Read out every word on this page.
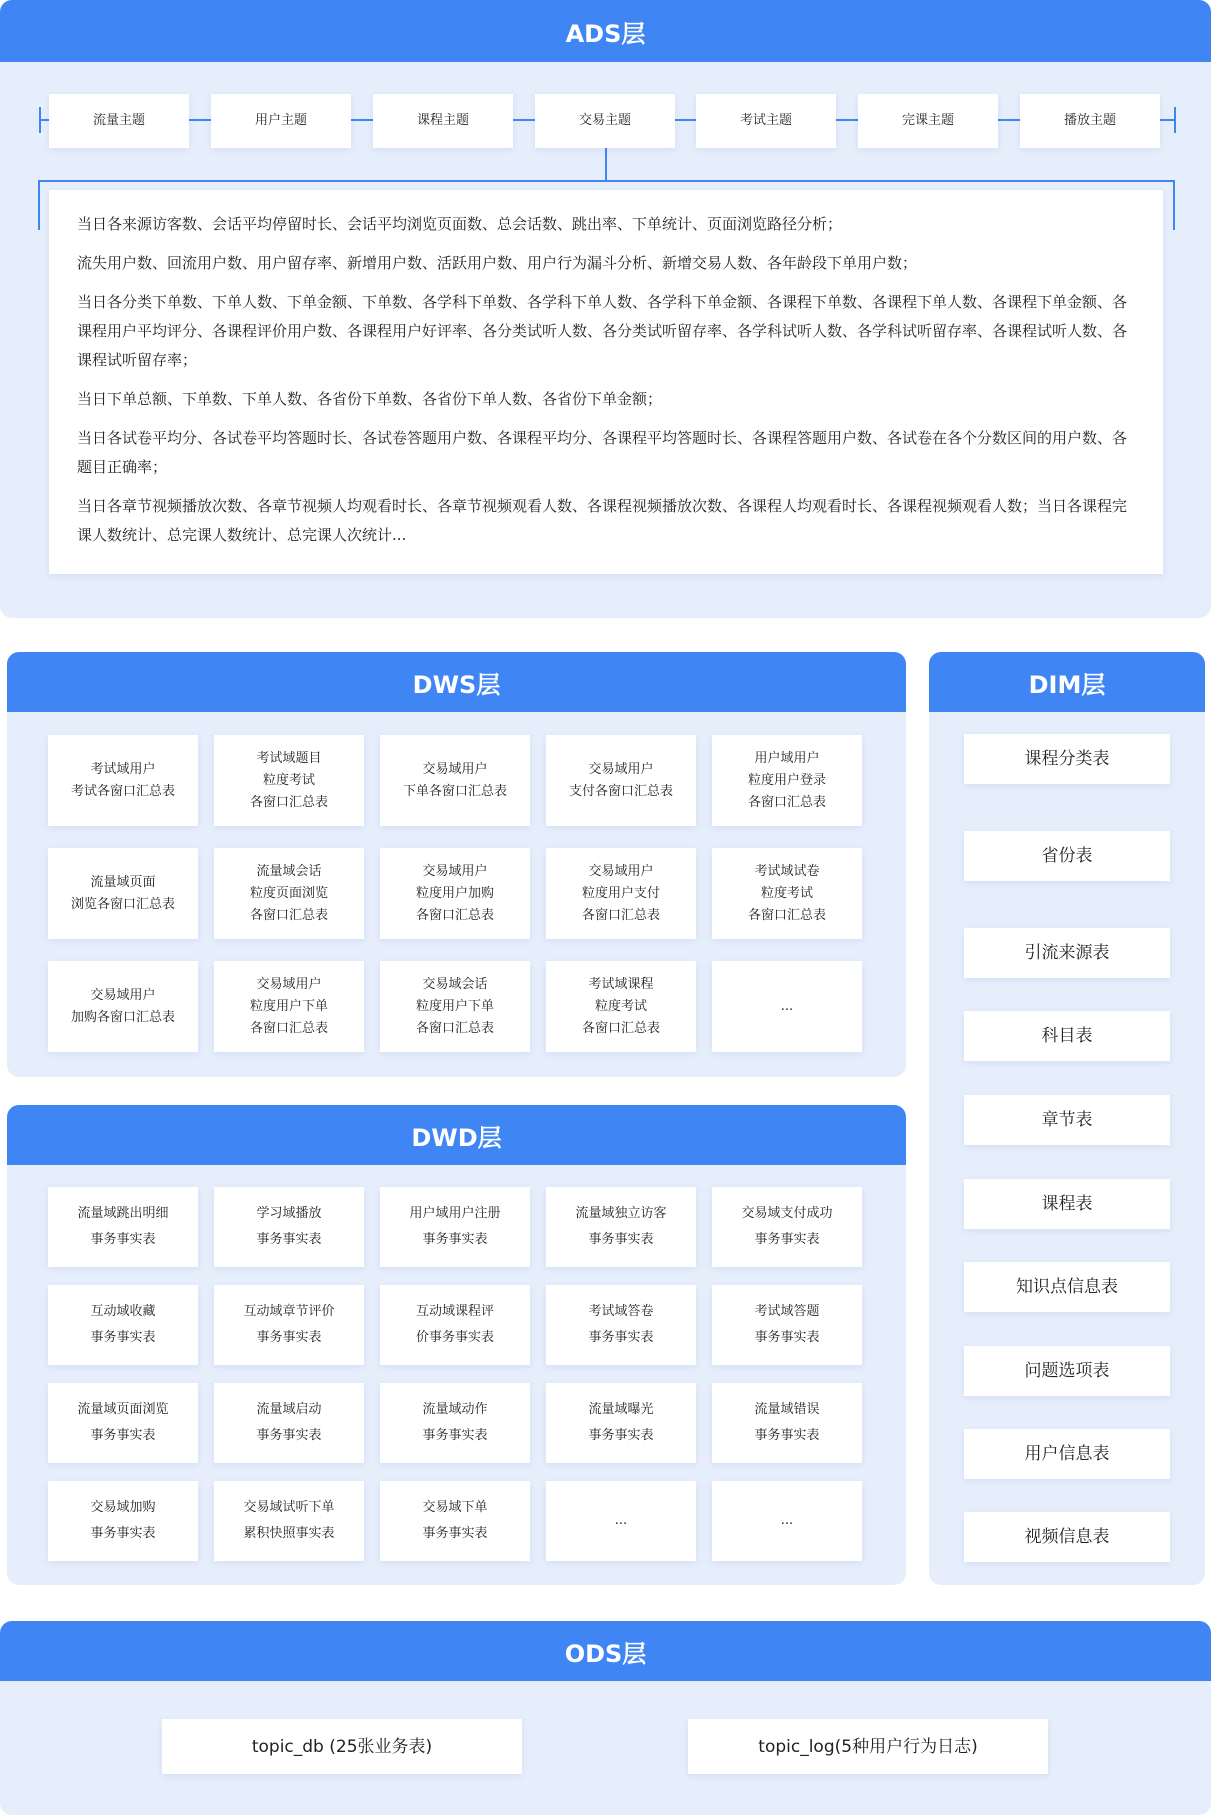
ADS层
流量主题	用户主题	课程主题	交易主题	考试主题	完课主题	播放主题

当日各来源访客数、会话平均停留时长、会话平均浏览页面数、总会话数、跳出率、下单统计、页面浏览路径分析；

流失用户数、回流用户数、用户留存率、新增用户数、活跃用户数、用户行为漏斗分析、新增交易人数、各年龄段下单用户数；

当日各分类下单数、下单人数、下单金额、下单数、各学科下单数、各学科下单人数、各学科下单金额、各课程下单数、各课程下单人数、各课程下单金额、各课程用户平均评分、各课程评价用户数、各课程用户好评率、各分类试听人数、各分类试听留存率、各学科试听人数、各学科试听留存率、各课程试听人数、各课程试听留存率；

当日下单总额、下单数、下单人数、各省份下单数、各省份下单人数、各省份下单金额；

当日各试卷平均分、各试卷平均答题时长、各试卷答题用户数、各课程平均分、各课程平均答题时长、各课程答题用户数、各试卷在各个分数区间的用户数、各题目正确率；

当日各章节视频播放次数、各章节视频人均观看时长、各章节视频观看人数、各课程视频播放次数、各课程人均观看时长、各课程视频观看人数；当日各课程完课人数统计、总完课人数统计、总完课人次统计...

DWS层
考试域用户
考试各窗口汇总表
考试域题目
粒度考试
各窗口汇总表
交易域用户
下单各窗口汇总表
交易域用户
支付各窗口汇总表
用户域用户
粒度用户登录
各窗口汇总表
流量域页面
浏览各窗口汇总表
流量域会话
粒度页面浏览
各窗口汇总表
交易域用户
粒度用户加购
各窗口汇总表
交易域用户
粒度用户支付
各窗口汇总表
考试域试卷
粒度考试
各窗口汇总表
交易域用户
加购各窗口汇总表
交易域用户
粒度用户下单
各窗口汇总表
交易域会话
粒度用户下单
各窗口汇总表
考试域课程
粒度考试
各窗口汇总表
...
DIM层
课程分类表
省份表
引流来源表
科目表
章节表
课程表
知识点信息表
问题选项表
用户信息表
视频信息表
DWD层
流量域跳出明细
事务事实表
学习域播放
事务事实表
用户域用户注册
事务事实表
流量域独立访客
事务事实表
交易域支付成功
事务事实表
互动域收藏
事务事实表
互动域章节评价
事务事实表
互动域课程评
价事务事实表
考试域答卷
事务事实表
考试域答题
事务事实表
流量域页面浏览
事务事实表
流量域启动
事务事实表
流量域动作
事务事实表
流量域曝光
事务事实表
流量域错误
事务事实表
交易域加购
事务事实表
交易域试听下单
累积快照事实表
交易域下单
事务事实表
...	...
ODS层
topic_db (25张业务表)	topic_log(5种用户行为日志)
